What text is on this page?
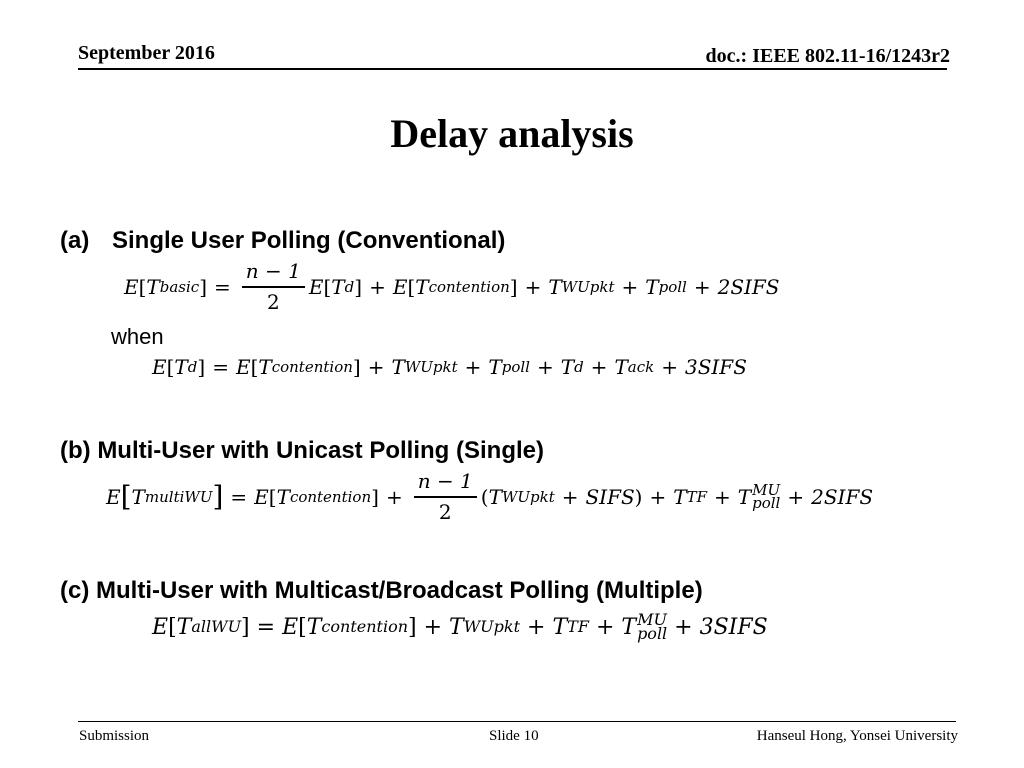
September 2016	doc.: IEEE 802.11-16/1243r2
Delay analysis
(a) Single User Polling (Conventional)
E [ T basic ] = $\frac{n - 1}{2}$ E [ T d ] + E [ T contention ] + T WUpkt + T poll + 2SIFS
when
E [ T d ] = E [ T contention ] + T WUpkt + T poll + T d + T ack + 3SIFS
(b) Multi-User with Unicast Polling (Single)
E [ T multiWU ] = E [ T contention ] + $\frac{n - 1}{2}$ ( T WUpkt + SIFS ) + T TF + T MU
poll + 2SIFS
(c) Multi-User with Multicast/Broadcast Polling (Multiple)
E [ T allWU ] = E [ T contention ] + T WUpkt + T TF + T MU
poll + 3SIFS
Submission	Slide 10	Hanseul Hong, Yonsei University
